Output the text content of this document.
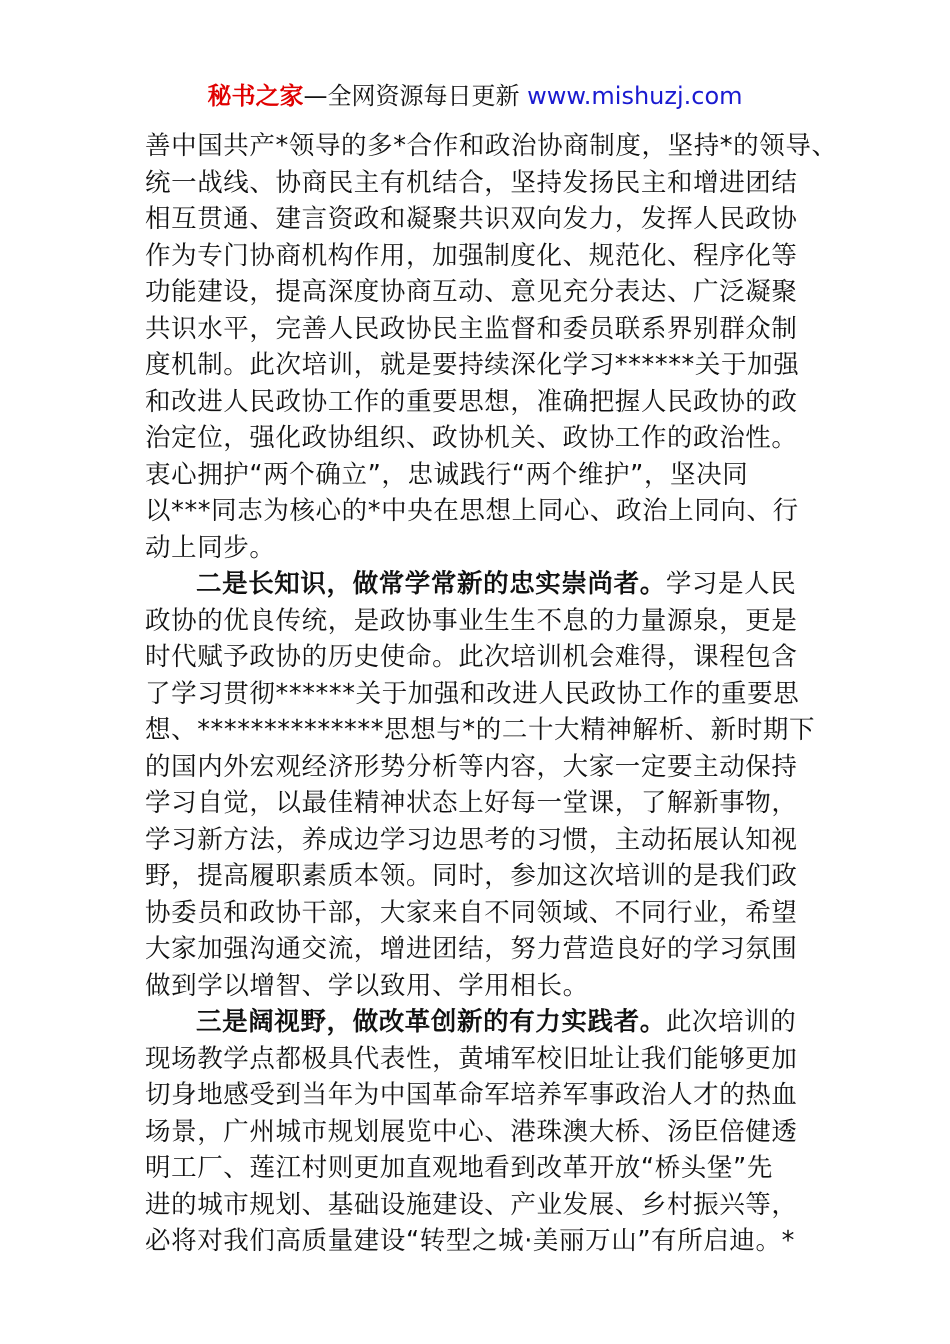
秘书之家—全网资源每日更新 www.mishuzj.com
善中国共产*领导的多*合作和政治协商制度，坚持*的领导、
统一战线、协商民主有机结合，坚持发扬民主和增进团结
相互贯通、建言资政和凝聚共识双向发力，发挥人民政协
作为专门协商机构作用，加强制度化、规范化、程序化等
功能建设，提高深度协商互动、意见充分表达、广泛凝聚
共识水平，完善人民政协民主监督和委员联系界别群众制
度机制。此次培训，就是要持续深化学习******关于加强
和改进人民政协工作的重要思想，准确把握人民政协的政
治定位，强化政协组织、政协机关、政协工作的政治性。
衷心拥护“两个确立”，忠诚践行“两个维护”，坚决同
以***同志为核心的*中央在思想上同心、政治上同向、行
动上同步。
二是长知识，做常学常新的忠实崇尚者。学习是人民
政协的优良传统，是政协事业生生不息的力量源泉，更是
时代赋予政协的历史使命。此次培训机会难得，课程包含
了学习贯彻******关于加强和改进人民政协工作的重要思
想、**************思想与*的二十大精神解析、新时期下
的国内外宏观经济形势分析等内容，大家一定要主动保持
学习自觉，以最佳精神状态上好每一堂课，了解新事物，
学习新方法，养成边学习边思考的习惯，主动拓展认知视
野，提高履职素质本领。同时，参加这次培训的是我们政
协委员和政协干部，大家来自不同领域、不同行业，希望
大家加强沟通交流，增进团结，努力营造良好的学习氛围
做到学以增智、学以致用、学用相长。
三是阔视野，做改革创新的有力实践者。此次培训的
现场教学点都极具代表性，黄埔军校旧址让我们能够更加
切身地感受到当年为中国革命军培养军事政治人才的热血
场景，广州城市规划展览中心、港珠澳大桥、汤臣倍健透
明工厂、莲江村则更加直观地看到改革开放“桥头堡”先
进的城市规划、基础设施建设、产业发展、乡村振兴等，
必将对我们高质量建设“转型之城·美丽万山”有所启迪。*
